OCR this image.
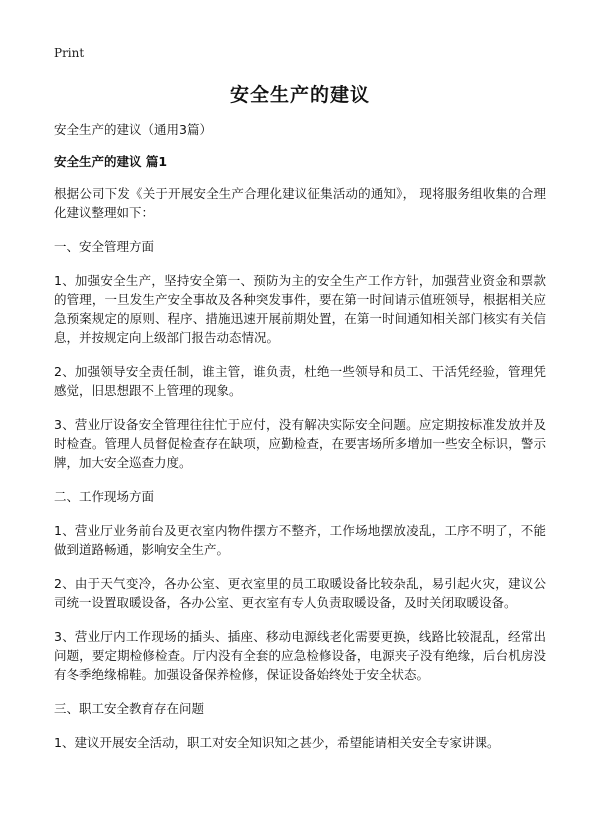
Print
安全生产的建议

安全生产的建议（通用3篇）

安全生产的建议 篇1

根据公司下发《关于开展安全生产合理化建议征集活动的通知》， 现将服务组收集的合理化建议整理如下：

一、安全管理方面

1、加强安全生产，坚持安全第一、预防为主的安全生产工作方针，加强营业资金和票款的管理，一旦发生产安全事故及各种突发事件，要在第一时间请示值班领导，根据相关应急预案规定的原则、程序、措施迅速开展前期处置，在第一时间通知相关部门核实有关信息，并按规定向上级部门报告动态情况。

2、加强领导安全责任制，谁主管，谁负责，杜绝一些领导和员工、干活凭经验，管理凭感觉，旧思想跟不上管理的现象。

3、营业厅设备安全管理往往忙于应付，没有解决实际安全问题。应定期按标准发放并及时检查。管理人员督促检查存在缺项，应勤检查，在要害场所多增加一些安全标识，警示牌，加大安全巡查力度。

二、工作现场方面

1、营业厅业务前台及更衣室内物件摆方不整齐，工作场地摆放凌乱，工序不明了，不能做到道路畅通，影响安全生产。

2、由于天气变冷，各办公室、更衣室里的员工取暖设备比较杂乱，易引起火灾，建议公司统一设置取暖设备，各办公室、更衣室有专人负责取暖设备，及时关闭取暖设备。

3、营业厅内工作现场的插头、插座、移动电源线老化需要更换，线路比较混乱，经常出问题，要定期检修检查。厅内没有全套的应急检修设备，电源夹子没有绝缘，后台机房没有冬季绝缘棉鞋。加强设备保养检修，保证设备始终处于安全状态。

三、职工安全教育存在问题

1、建议开展安全活动，职工对安全知识知之甚少，希望能请相关安全专家讲课。
